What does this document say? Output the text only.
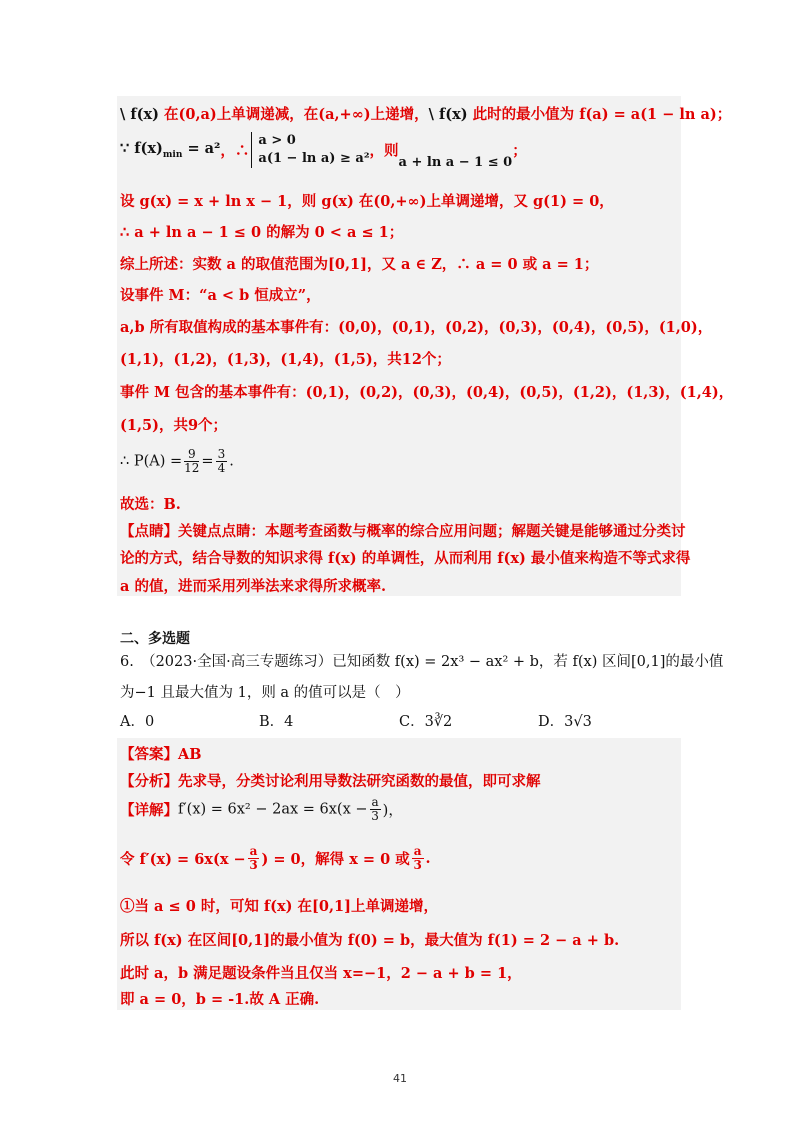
\ f(x) 在(0,a)上单调递减，在(a,+∞)上递增，\ f(x) 此时的最小值为 f(a) = a(1 − ln a)；
∵ $f(x)_{min} = a^2$，∴
a > 0
a(1 − ln a) ≥ a² ，则a + ln a − 1 ≤ 0；
设 g(x) = x + ln x − 1，则 g(x) 在(0,+∞)上单调递增，又 g(1) = 0，
∴ a + ln a − 1 ≤ 0 的解为 0 < a ≤ 1；
综上所述：实数 a 的取值范围为[0,1]，又 a ∈ Z，∴ a = 0 或 a = 1；
设事件 M：“a < b 恒成立”，
a,b 所有取值构成的基本事件有：(0,0)，(0,1)，(0,2)，(0,3)，(0,4)，(0,5)，(1,0)，
(1,1)，(1,2)，(1,3)，(1,4)，(1,5)，共12个；
事件 M 包含的基本事件有：(0,1)，(0,2)，(0,3)，(0,4)，(0,5)，(1,2)，(1,3)，(1,4)，
(1,5)，共9个；
∴ $P(A) = \frac{9}{12} = \frac{3}{4}$ .
故选：B.
【点睛】关键点点睛：本题考查函数与概率的综合应用问题；解题关键是能够通过分类讨
论的方式，结合导数的知识求得 f(x) 的单调性，从而利用 f(x) 最小值来构造不等式求得
a 的值，进而采用列举法来求得所求概率.
二、多选题
6.　（2023·全国·高三专题练习）已知函数 f(x) = 2x³ − ax² + b，若 f(x) 区间[0,1]的最小值
为−1 且最大值为 1，则 a 的值可以是（　）
A．0	B．4	C．3∛2	D．3√3
【答案】AB
【分析】先求导，分类讨论利用导数法研究函数的最值，即可求解
【详解】$f'(x) = 6x^2 - 2ax = 6x(x - \frac{a}{3}$ )，
令 $f'(x) = 6x(x - \frac{a}{3}$ ) = 0，解得 x = 0 或 $\frac{a}{3}$ .
①当 a ≤ 0 时，可知 f(x) 在[0,1]上单调递增，
所以 f(x) 在区间[0,1]的最小值为 f(0) = b，最大值为 f(1) = 2 − a + b.
此时 a，b 满足题设条件当且仅当 x=−1，2 − a + b = 1，
即 a = 0，b = -1.故 A 正确.
41
